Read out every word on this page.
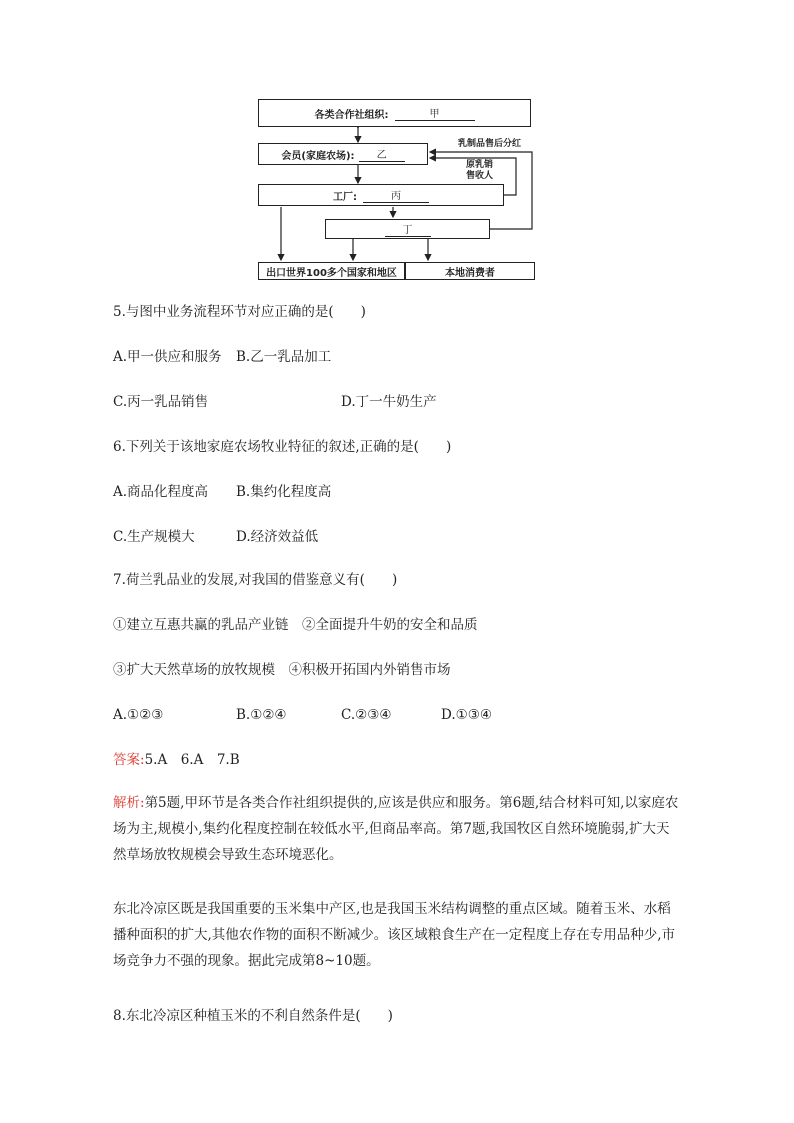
各类合作社组织:	甲
会员(家庭农场):	乙
工厂:	丙
丁
出口世界100多个国家和地区	本地消费者
乳制品售后分红
原乳销
售收人
5.与图中业务流程环节对应正确的是(　　)
A.甲一供应和服务 B.乙一乳品加工
C.丙一乳品销售	D.丁一牛奶生产
6.下列关于该地家庭农场牧业特征的叙述,正确的是(　　)
A.商品化程度高 B.集约化程度高
C.生产规模大	D.经济效益低
7.荷兰乳品业的发展,对我国的借鉴意义有(　　)
①建立互惠共赢的乳品产业链　②全面提升牛奶的安全和品质
③扩大天然草场的放牧规模　④积极开拓国内外销售市场
A.①②③	B.①②④	C.②③④	D.①③④
答案:5.A　6.A　7.B
解析:第5题,甲环节是各类合作社组织提供的,应该是供应和服务。第6题,结合材料可知,以家庭农场为主,规模小,集约化程度控制在较低水平,但商品率高。第7题,我国牧区自然环境脆弱,扩大天然草场放牧规模会导致生态环境恶化。
东北冷凉区既是我国重要的玉米集中产区,也是我国玉米结构调整的重点区域。随着玉米、水稻播种面积的扩大,其他农作物的面积不断减少。该区域粮食生产在一定程度上存在专用品种少,市场竞争力不强的现象。据此完成第8~10题。
8.东北冷凉区种植玉米的不利自然条件是(　　)
